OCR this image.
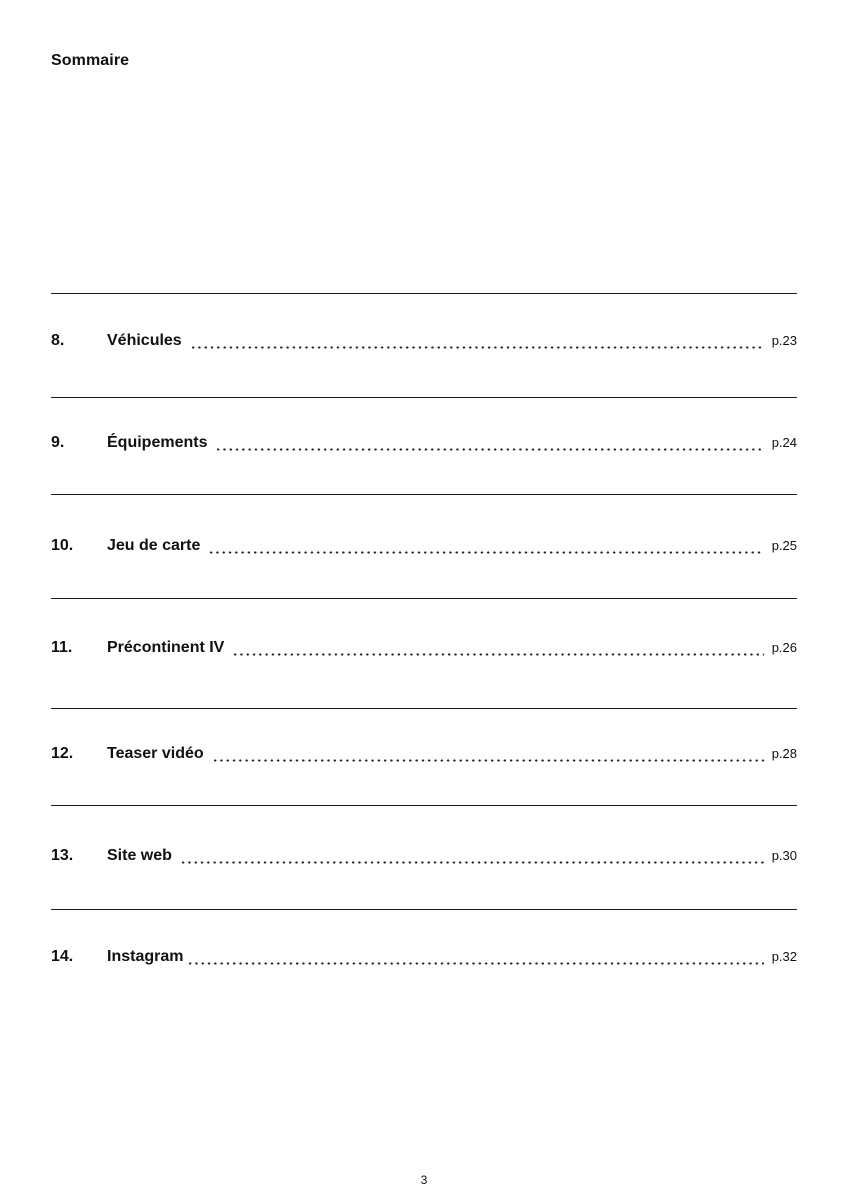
Sommaire
8.	Véhicules	p.23
9.	Équipements	p.24
10.	Jeu de carte	p.25
11.	Précontinent IV	p.26
12.	Teaser vidéo	p.28
13.	Site web	p.30
14.	Instagram	p.32
3
